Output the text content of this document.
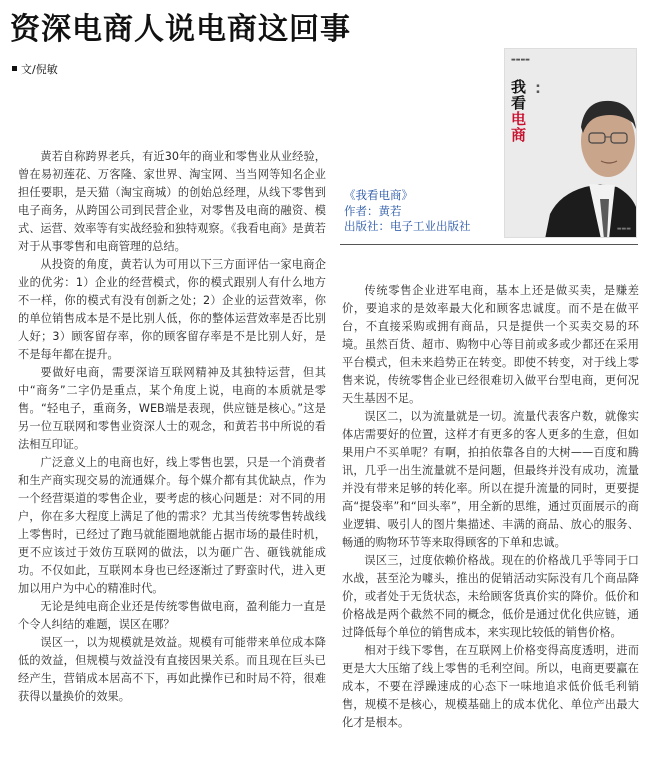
资深电商人说电商这回事
文/倪敏
▬▬▬▬
我看电商
▪▪
▬▬▬
《我看电商》
作者：黄若
出版社：电子工业出版社

黄若自称跨界老兵，有近30年的商业和零售业从业经验，曾在易初莲花、万客隆、家世界、淘宝网、当当网等知名企业担任要职，是天猫（淘宝商城）的创始总经理，从线下零售到电子商务，从跨国公司到民营企业，对零售及电商的融资、模式、运营、效率等有实战经验和独特观察。《我看电商》是黄若对于从事零售和电商管理的总结。

从投资的角度，黄若认为可用以下三方面评估一家电商企业的优劣：1）企业的经营模式，你的模式跟别人有什么地方不一样，你的模式有没有创新之处；2）企业的运营效率，你的单位销售成本是不是比别人低，你的整体运营效率是否比别人好；3）顾客留存率，你的顾客留存率是不是比别人好，是不是每年都在提升。

要做好电商，需要深谙互联网精神及其独特运营，但其中“商务”二字仍是重点，某个角度上说，电商的本质就是零售。“轻电子，重商务，WEB端是表现，供应链是核心。”这是另一位互联网和零售业资深人士的观念，和黄若书中所说的看法相互印证。

广泛意义上的电商也好，线上零售也罢，只是一个消费者和生产商实现交易的流通媒介。每个媒介都有其优缺点，作为一个经营渠道的零售企业，要考虑的核心问题是：对不同的用户，你在多大程度上满足了他的需求？尤其当传统零售转战线上零售时，已经过了跑马就能圈地就能占据市场的最佳时机，更不应该过于效仿互联网的做法，以为砸广告、砸钱就能成功。不仅如此，互联网本身也已经逐渐过了野蛮时代，进入更加以用户为中心的精准时代。

无论是纯电商企业还是传统零售做电商，盈利能力一直是个令人纠结的难题，误区在哪？

误区一，以为规模就是效益。规模有可能带来单位成本降低的效益，但规模与效益没有直接因果关系。而且现在巨头已经产生，营销成本居高不下，再如此操作已和时局不符，很难获得以量换价的效果。

传统零售企业进军电商，基本上还是做买卖，是赚差价，要追求的是效率最大化和顾客忠诚度。而不是在做平台，不直接采购或拥有商品，只是提供一个买卖交易的环境。虽然百货、超市、购物中心等目前或多或少都还在采用平台模式，但未来趋势正在转变。即使不转变，对于线上零售来说，传统零售企业已经很难切入做平台型电商，更何况天生基因不足。

误区二，以为流量就是一切。流量代表客户数，就像实体店需要好的位置，这样才有更多的客人更多的生意，但如果用户不买单呢？有啊，拍拍依靠各自的大树——百度和腾讯，几乎一出生流量就不是问题，但最终并没有成功，流量并没有带来足够的转化率。所以在提升流量的同时，更要提高“提袋率”和“回头率”，用全新的思维，通过页面展示的商业逻辑、吸引人的图片集描述、丰满的商品、放心的服务、畅通的购物环节等来取得顾客的下单和忠诚。

误区三，过度依赖价格战。现在的价格战几乎等同于口水战，甚至沦为噱头，推出的促销活动实际没有几个商品降价，或者处于无货状态，未给顾客货真价实的降价。低价和价格战是两个截然不同的概念，低价是通过优化供应链，通过降低每个单位的销售成本，来实现比较低的销售价格。

相对于线下零售，在互联网上价格变得高度透明，进而更是大大压缩了线上零售的毛利空间。所以，电商更要赢在成本，不要在浮躁速成的心态下一味地追求低价低毛利销售，规模不是核心，规模基础上的成本优化、单位产出最大化才是根本。
